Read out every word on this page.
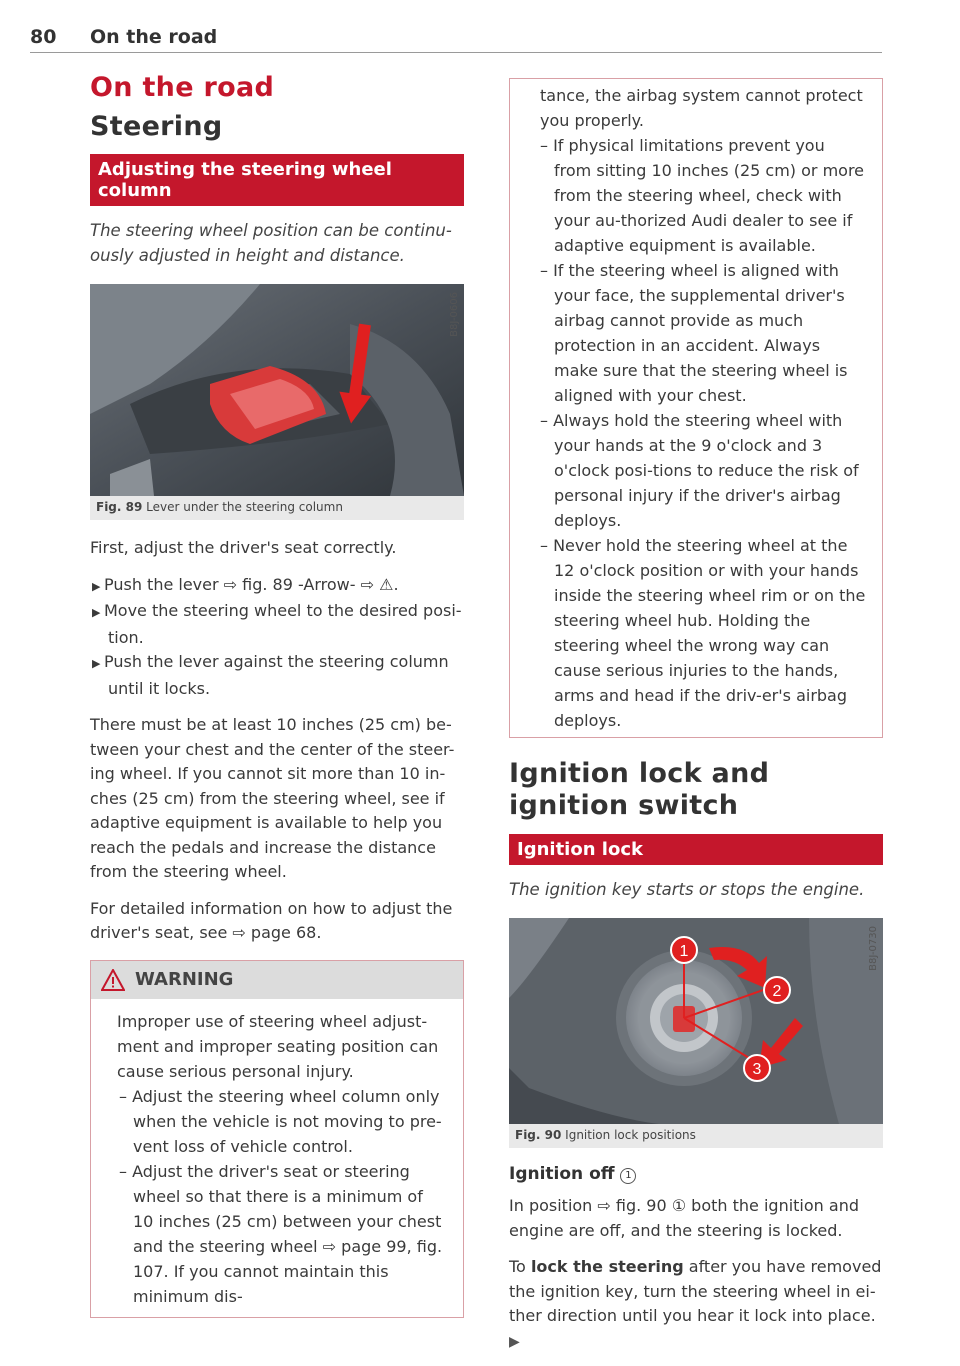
80 On the road
On the road
Steering
Adjusting the steering wheel column

The steering wheel position can be continu-ously adjusted in height and distance.

B8J-0606
Fig. 89 Lever under the steering column

First, adjust the driver's seat correctly.

▶ Push the lever ⇨ fig. 89 -Arrow- ⇨ ⚠.

▶ Move the steering wheel to the desired posi-tion.

▶ Push the lever against the steering column until it locks.

There must be at least 10 inches (25 cm) be-tween your chest and the center of the steer-ing wheel. If you cannot sit more than 10 in-ches (25 cm) from the steering wheel, see if adaptive equipment is available to help you reach the pedals and increase the distance from the steering wheel.

For detailed information on how to adjust the driver's seat, see ⇨ page 68.

WARNING

Improper use of steering wheel adjust-ment and improper seating position can cause serious personal injury.

– Adjust the steering wheel column only when the vehicle is not moving to pre-vent loss of vehicle control.

– Adjust the driver's seat or steering wheel so that there is a minimum of 10 inches (25 cm) between your chest and the steering wheel ⇨ page 99, fig. 107. If you cannot maintain this minimum dis-

tance, the airbag system cannot protect you properly.

– If physical limitations prevent you from sitting 10 inches (25 cm) or more from the steering wheel, check with your au-thorized Audi dealer to see if adaptive equipment is available.

– If the steering wheel is aligned with your face, the supplemental driver's airbag cannot provide as much protection in an accident. Always make sure that the steering wheel is aligned with your chest.

– Always hold the steering wheel with your hands at the 9 o'clock and 3 o'clock posi-tions to reduce the risk of personal injury if the driver's airbag deploys.

– Never hold the steering wheel at the 12 o'clock position or with your hands inside the steering wheel rim or on the steering wheel hub. Holding the steering wheel the wrong way can cause serious injuries to the hands, arms and head if the driv-er's airbag deploys.

Ignition lock and ignition switch
Ignition lock

The ignition key starts or stops the engine.

1
2
3
B8J-0730
Fig. 90 Ignition lock positions
Ignition off 1

In position ⇨ fig. 90 ① both the ignition and engine are off, and the steering is locked.

To lock the steering after you have removed the ignition key, turn the steering wheel in ei-ther direction until you hear it lock into place. ▶
